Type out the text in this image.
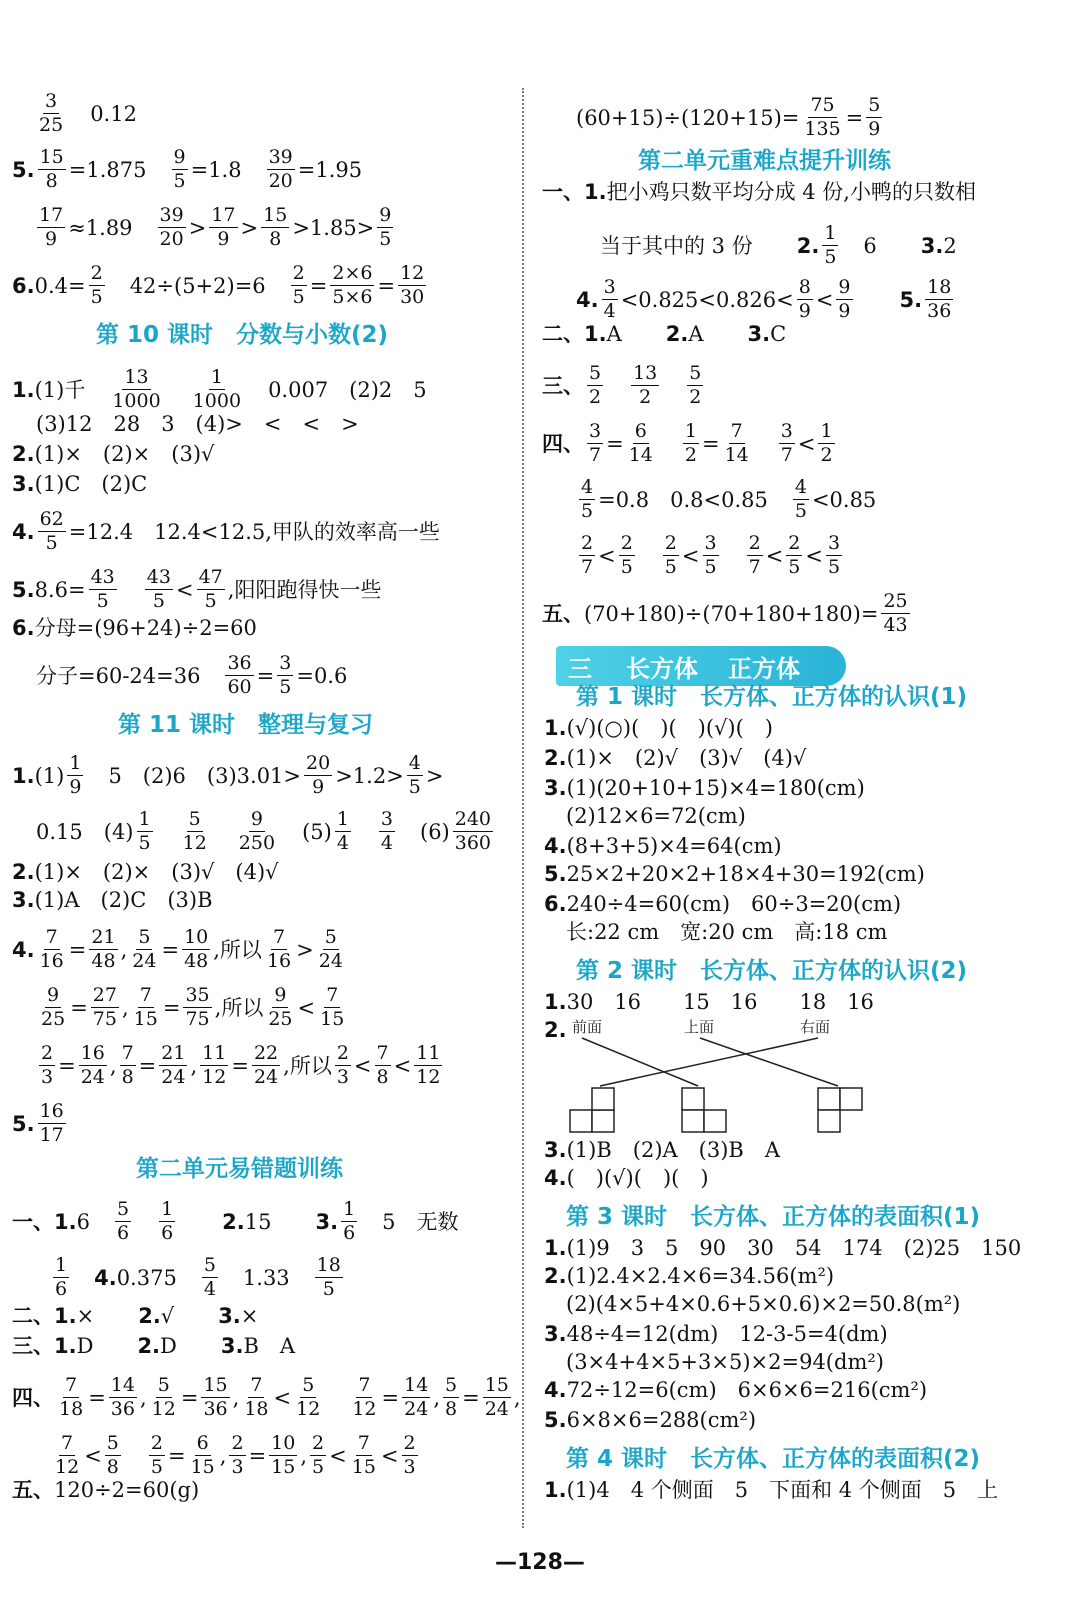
3
25 0.12
5. $\frac{15}{8} =1.875 \frac{9}{5} =1.8 \frac{39}{20} =1.95$
$\frac{17}{9} \approx 1.89$
39
20 >
17
9 >
15
8 >1.85>
9
5
6. $0.4= \frac{2}{5} 42\div(5+2)=6$
2
5 =
2×6
5×6 =
12
30
第 10 课时　分数与小数(2)
1. (1)千
13
1000
1
1000 0.007　(2)2　5
(3)12　28　3　(4)>　<　<　>
2. (1)×　(2)×　(3)√
3. (1)C　(2)C
4. $\frac{62}{5} =12.4$　12.4<12.5,甲队的效率高一些
5. $8.6= \frac{43}{5} 43$
5 <
47
5 ,阳阳跑得快一些
6. 分母=(96+24)÷2=60
分子=60-24=36
36
$60 = \frac{3}{5} =0.6$
第 11 课时　整理与复习
1. (1)
1
9 5　(2)6　(3)3.01>
20
9 >1.2>
4
5 >
0.15　(4)
1
5
5
12
9
250 (5)
1
4
3
4 (6)
240
360
2. (1)×　(2)×　(3)√　(4)√
3. (1)A　(2)C　(3)B
4.
7
16 =
21
48 ,
5
24 =
10
48 ,所以
7
16 >
5
24
9
25 =
27
75 ,
7
15 =
35
75 ,所以
9
25 <
7
15
2
3 =
16
24 ,
7
8 =
21
24 ,
11
12 =
22
24 ,所以
2
3 <
7
8 <
11
12
5.
16
17
第二单元易错题训练
一、1. 6
5
6
1
6 2. 15 3.
1
6 5　无数
1
6 4. 0.375
5
4 1.33
18
5
二、1. × 2. √ 3. ×
三、1. D 2. D 3. B　A
四、
7
18 =
14
36 ,
5
12 =
15
36 ,
7
18 <
5
12
7
12 =
14
24 ,
5
8 =
15
24 ,
7
12 <
5
8
2
5 =
6
15 ,
2
3 =
10
15 ,
2
5 <
7
15 <
2
3
五、 120÷2=60(g)
$(60+15)\div(120+15)= \frac{75}{135}$ =
5
9
第二单元重难点提升训练
一、1. 把小鸡只数平均分成 4 份,小鸭的只数相
当于其中的 3 份 2.
1
5 6 3. 2
4.
3
4 <0.825<0.826<
8
9 <
9
9 5.
18
36
二、1. A 2. A 3. C
三、
5
2
13
2
5
2
四、
3
7 =
6
14
1
2 =
7
14
3
7 <
1
2
$\frac{4}{5} =0.8$　0.8<0.85
4
5 <0.85
2
7 <
2
5
2
5 <
3
5
2
7 <
2
5 <
3
5
五、 $(70+180)\div(70+180+180)= \frac{25}{43}$
三 长方体 正方体
第 1 课时　长方体、正方体的认识(1)
1. (√)(○)(　)(　)(√)(　)
2. (1)×　(2)√　(3)√　(4)√
3. (1)(20+10+15)×4=180(cm)
(2)12×6=72(cm)
4. (8+3+5)×4=64(cm)
5. 25×2+20×2+18×4+30=192(cm)
6. 240÷4=60(cm)　60÷3=20(cm)
长:22 cm　宽:20 cm　高:18 cm
第 2 课时　长方体、正方体的认识(2)
1. 30　16　　15　16　　18　16
2. 前面	上面	右面
3. (1)B　(2)A　(3)B　A
4. (　)(√)(　)(　)
第 3 课时　长方体、正方体的表面积(1)
1. (1)9　3　5　90　30　54　174　(2)25　150
2. (1)2.4×2.4×6=34.56(m²)
(2)(4×5+4×0.6+5×0.6)×2=50.8(m²)
3. 48÷4=12(dm)　12-3-5=4(dm)
(3×4+4×5+3×5)×2=94(dm²)
4. 72÷12=6(cm)　6×6×6=216(cm²)
5. 6×8×6=288(cm²)
第 4 课时　长方体、正方体的表面积(2)
1. (1)4　4 个侧面　5　下面和 4 个侧面　5　上
—128—
